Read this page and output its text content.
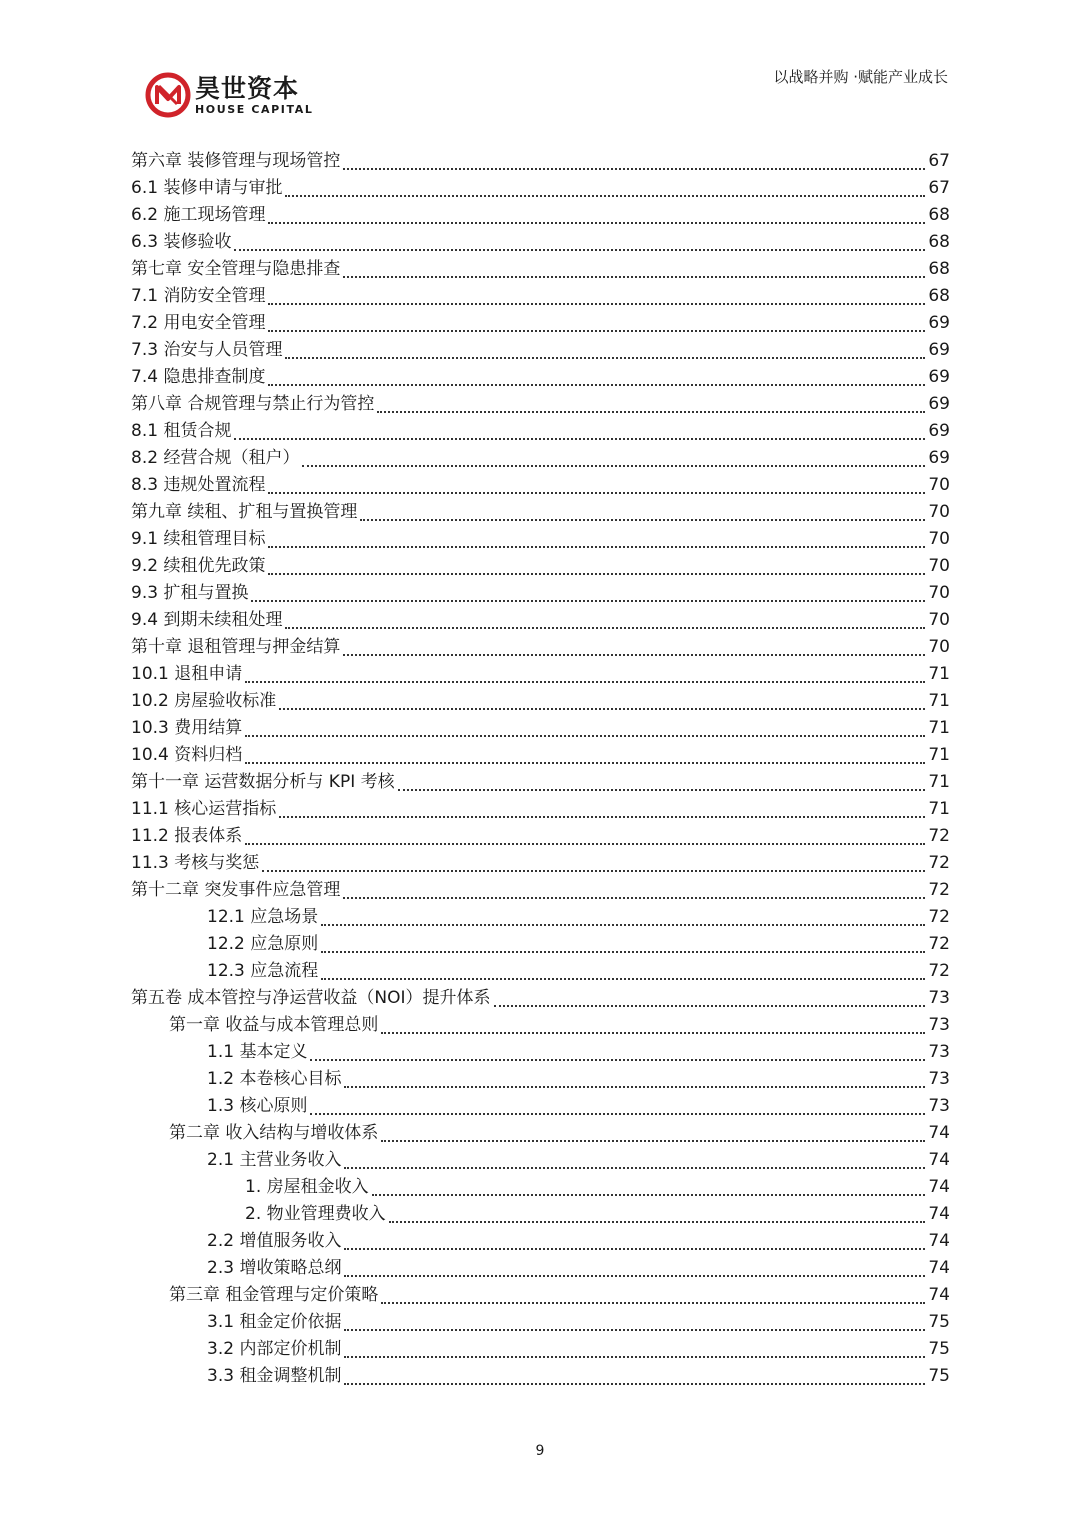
昊世资本
HOUSE CAPITAL
以战略并购 ·赋能产业成长
第六章 装修管理与现场管控	67
6.1 装修申请与审批	67
6.2 施工现场管理	68
6.3 装修验收	68
第七章 安全管理与隐患排查	68
7.1 消防安全管理	68
7.2 用电安全管理	69
7.3 治安与人员管理	69
7.4 隐患排查制度	69
第八章 合规管理与禁止行为管控	69
8.1 租赁合规	69
8.2 经营合规（租户）	69
8.3 违规处置流程	70
第九章 续租、扩租与置换管理	70
9.1 续租管理目标	70
9.2 续租优先政策	70
9.3 扩租与置换	70
9.4 到期未续租处理	70
第十章 退租管理与押金结算	70
10.1 退租申请	71
10.2 房屋验收标准	71
10.3 费用结算	71
10.4 资料归档	71
第十一章 运营数据分析与 KPI 考核	71
11.1 核心运营指标	71
11.2 报表体系	72
11.3 考核与奖惩	72
第十二章 突发事件应急管理	72
12.1 应急场景	72
12.2 应急原则	72
12.3 应急流程	72
第五卷 成本管控与净运营收益（NOI）提升体系	73
第一章 收益与成本管理总则	73
1.1 基本定义	73
1.2 本卷核心目标	73
1.3 核心原则	73
第二章 收入结构与增收体系	74
2.1 主营业务收入	74
1. 房屋租金收入	74
2. 物业管理费收入	74
2.2 增值服务收入	74
2.3 增收策略总纲	74
第三章 租金管理与定价策略	74
3.1 租金定价依据	75
3.2 内部定价机制	75
3.3 租金调整机制	75
9
